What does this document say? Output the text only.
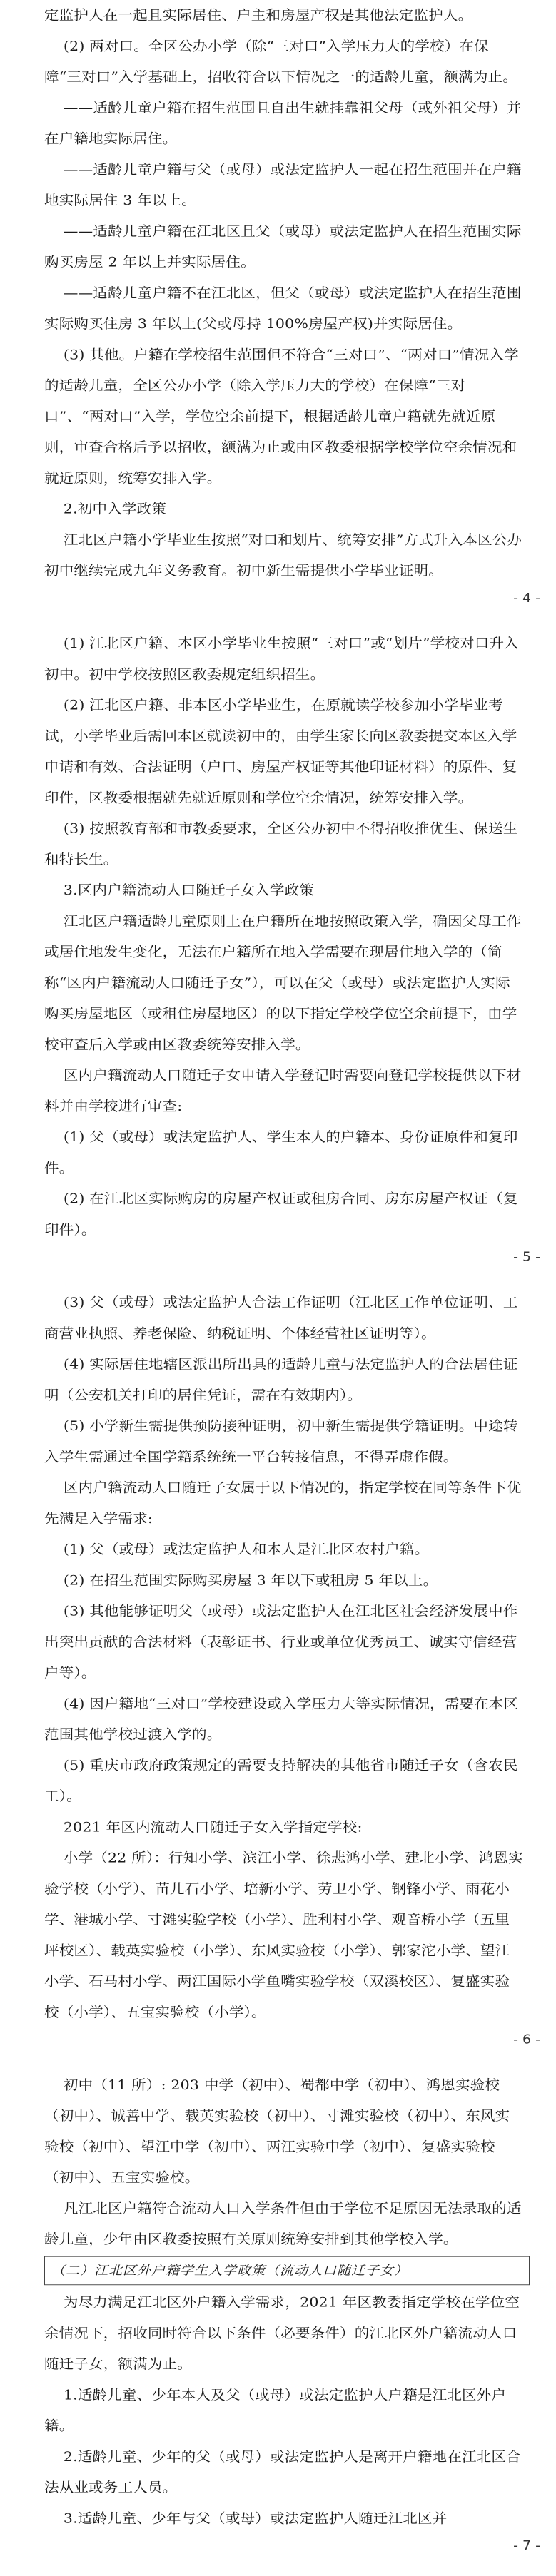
定监护人在一起且实际居住、户主和房屋产权是其他法定监护人。
(2) 两对口。全区公办小学（除“三对口”入学压力大的学校）在保障“三对口”入学基础上，招收符合以下情况之一的适龄儿童，额满为止。
——适龄儿童户籍在招生范围且自出生就挂靠祖父母（或外祖父母）并在户籍地实际居住。
——适龄儿童户籍与父（或母）或法定监护人一起在招生范围并在户籍地实际居住 3 年以上。
——适龄儿童户籍在江北区且父（或母）或法定监护人在招生范围实际购买房屋 2 年以上并实际居住。
——适龄儿童户籍不在江北区，但父（或母）或法定监护人在招生范围实际购买住房 3 年以上(父或母持 100%房屋产权)并实际居住。
(3) 其他。户籍在学校招生范围但不符合“三对口”、“两对口”情况入学的适龄儿童，全区公办小学（除入学压力大的学校）在保障“三对口”、“两对口”入学，学位空余前提下，根据适龄儿童户籍就先就近原则，审查合格后予以招收，额满为止或由区教委根据学校学位空余情况和就近原则，统筹安排入学。
2.初中入学政策
江北区户籍小学毕业生按照“对口和划片、统筹安排”方式升入本区公办初中继续完成九年义务教育。初中新生需提供小学毕业证明。
- 4 -
(1) 江北区户籍、本区小学毕业生按照“三对口”或“划片”学校对口升入初中。初中学校按照区教委规定组织招生。
(2) 江北区户籍、非本区小学毕业生，在原就读学校参加小学毕业考试，小学毕业后需回本区就读初中的，由学生家长向区教委提交本区入学申请和有效、合法证明（户口、房屋产权证等其他印证材料）的原件、复印件，区教委根据就先就近原则和学位空余情况，统筹安排入学。
(3) 按照教育部和市教委要求，全区公办初中不得招收推优生、保送生和特长生。
3.区内户籍流动人口随迁子女入学政策
江北区户籍适龄儿童原则上在户籍所在地按照政策入学，确因父母工作或居住地发生变化，无法在户籍所在地入学需要在现居住地入学的（简称“区内户籍流动人口随迁子女”），可以在父（或母）或法定监护人实际购买房屋地区（或租住房屋地区）的以下指定学校学位空余前提下，由学校审查后入学或由区教委统筹安排入学。
区内户籍流动人口随迁子女申请入学登记时需要向登记学校提供以下材料并由学校进行审查:
(1) 父（或母）或法定监护人、学生本人的户籍本、身份证原件和复印件。
(2) 在江北区实际购房的房屋产权证或租房合同、房东房屋产权证（复印件）。
- 5 -
(3) 父（或母）或法定监护人合法工作证明（江北区工作单位证明、工商营业执照、养老保险、纳税证明、个体经营社区证明等）。
(4) 实际居住地辖区派出所出具的适龄儿童与法定监护人的合法居住证明（公安机关打印的居住凭证，需在有效期内）。
(5) 小学新生需提供预防接种证明，初中新生需提供学籍证明。中途转入学生需通过全国学籍系统统一平台转接信息，不得弄虚作假。
区内户籍流动人口随迁子女属于以下情况的，指定学校在同等条件下优先满足入学需求:
(1) 父（或母）或法定监护人和本人是江北区农村户籍。
(2) 在招生范围实际购买房屋 3 年以下或租房 5 年以上。
(3) 其他能够证明父（或母）或法定监护人在江北区社会经济发展中作出突出贡献的合法材料（表彰证书、行业或单位优秀员工、诚实守信经营户等）。
(4) 因户籍地“三对口”学校建设或入学压力大等实际情况，需要在本区范围其他学校过渡入学的。
(5) 重庆市政府政策规定的需要支持解决的其他省市随迁子女（含农民工）。
2021 年区内流动人口随迁子女入学指定学校:
小学（22 所）：行知小学、滨江小学、徐悲鸿小学、建北小学、鸿恩实验学校（小学）、苗儿石小学、培新小学、劳卫小学、钢锋小学、雨花小学、港城小学、寸滩实验学校（小学）、胜利村小学、观音桥小学（五里坪校区）、载英实验校（小学）、东风实验校（小学）、郭家沱小学、望江小学、石马村小学、两江国际小学鱼嘴实验学校（双溪校区）、复盛实验校（小学）、五宝实验校（小学）。
- 6 -
初中（11 所）: 203 中学（初中）、蜀都中学（初中）、鸿恩实验校（初中）、诚善中学、载英实验校（初中）、寸滩实验校（初中）、东风实验校（初中）、望江中学（初中）、两江实验中学（初中）、复盛实验校（初中）、五宝实验校。
凡江北区户籍符合流动人口入学条件但由于学位不足原因无法录取的适龄儿童，少年由区教委按照有关原则统筹安排到其他学校入学。
（二）江北区外户籍学生入学政策（流动人口随迁子女）
为尽力满足江北区外户籍入学需求，2021 年区教委指定学校在学位空余情况下，招收同时符合以下条件（必要条件）的江北区外户籍流动人口随迁子女，额满为止。
1.适龄儿童、少年本人及父（或母）或法定监护人户籍是江北区外户籍。
2.适龄儿童、少年的父（或母）或法定监护人是离开户籍地在江北区合法从业或务工人员。
3.适龄儿童、少年与父（或母）或法定监护人随迁江北区并
- 7 -
